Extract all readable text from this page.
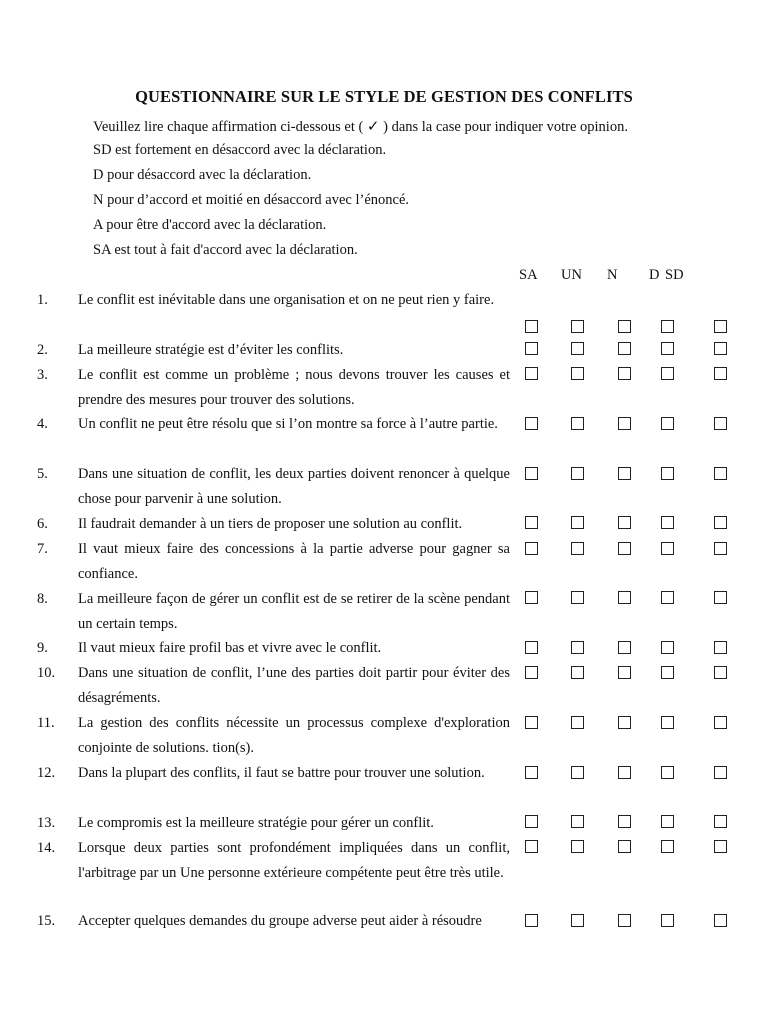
QUESTIONNAIRE SUR LE STYLE DE GESTION DES CONFLITS
Veuillez lire chaque affirmation ci-dessous et ( ✓ ) dans la case pour indiquer votre opinion.
SD est fortement en désaccord avec la déclaration.
D pour désaccord avec la déclaration.
N pour d’accord et moitié en désaccord avec l’énoncé.
A pour être d'accord avec la déclaration.
SA est tout à fait d'accord avec la déclaration.
SA UN N D SD
1. Le conflit est inévitable dans une organisation et on ne peut rien y faire.
2. La meilleure stratégie est d’éviter les conflits.
3. Le conflit est comme un problème ; nous devons trouver les causes et prendre des mesures pour trouver des solutions.
4. Un conflit ne peut être résolu que si l’on montre sa force à l’autre partie.
5. Dans une situation de conflit, les deux parties doivent renoncer à quelque chose pour parvenir à une solution.
6. Il faudrait demander à un tiers de proposer une solution au conflit.
7. Il vaut mieux faire des concessions à la partie adverse pour gagner sa confiance.
8. La meilleure façon de gérer un conflit est de se retirer de la scène pendant un certain temps.
9. Il vaut mieux faire profil bas et vivre avec le conflit.
10. Dans une situation de conflit, l’une des parties doit partir pour éviter des désagréments.
11. La gestion des conflits nécessite un processus complexe d'exploration conjointe de solutions. tion(s).
12. Dans la plupart des conflits, il faut se battre pour trouver une solution.
13. Le compromis est la meilleure stratégie pour gérer un conflit.
14. Lorsque deux parties sont profondément impliquées dans un conflit, l'arbitrage par un Une personne extérieure compétente peut être très utile.
15. Accepter quelques demandes du groupe adverse peut aider à résoudre
